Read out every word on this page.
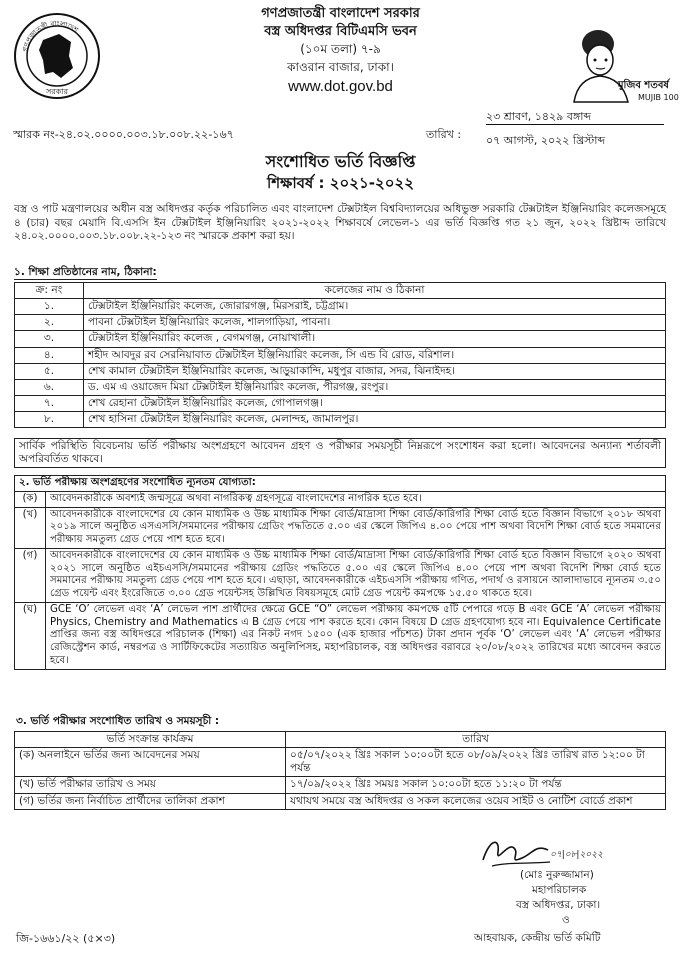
গণপ্রজাতন্ত্রী বাংলাদেশ
সরকার
গণপ্রজাতন্ত্রী বাংলাদেশ সরকার
বস্ত্র অধিদপ্তর বিটিএমসি ভবন
(১০ম তলা) ৭-৯
কাওরান বাজার, ঢাকা।
www.dot.gov.bd	মুজিব শতবর্ষ
MUJIB 100
স্মারক নং-২৪.০২.০০০০.০০৩.১৮.০০৮.২২-১৬৭	তারিখ :
২৩ শ্রাবণ, ১৪২৯ বঙ্গাব্দ
০৭ আগস্ট, ২০২২ খ্রিস্টাব্দ
সংশোধিত ভর্তি বিজ্ঞপ্তি
শিক্ষাবর্ষ : ২০২১-২০২২
বস্ত্র ও পাট মন্ত্রণালয়ের অধীন বস্ত্র অধিদপ্তর কর্তৃক পরিচালিত এবং বাংলাদেশ টেক্সটাইল বিশ্ববিদ্যালয়ের অধিভুক্ত সরকারি টেক্সটাইল ইঞ্জিনিয়ারিং কলেজসমূহে ৪ (চার) বছর মেয়াদি বি.এসসি ইন টেক্সটাইল ইঞ্জিনিয়ারিং ২০২১-২০২২ শিক্ষাবর্ষে লেভেল-১ এর ভর্তি বিজ্ঞপ্তি গত ২১ জুন, ২০২২ খ্রিষ্টাব্দ তারিখে ২৪.০২.০০০০.০০৩.১৮.০০৮.২২-১২৩ নং স্মারকে প্রকাশ করা হয়।
১. শিক্ষা প্রতিষ্ঠানের নাম, ঠিকানা:
ক্র: নং	কলেজের নাম ও ঠিকানা
১.	টেক্সটাইল ইঞ্জিনিয়ারিং কলেজ, জোরারগঞ্জ, মিরসরাই, চট্টগ্রাম।
২.	পাবনা টেক্সটাইল ইঞ্জিনিয়ারিং কলেজ, শালগাড়িয়া, পাবনা।
৩.	টেক্সটাইল ইঞ্জিনিয়ারিং কলেজ , বেগমগঞ্জ, নোয়াখালী।
৪.	শহীদ আবদুর রব সেরনিয়াবাত টেক্সটাইল ইঞ্জিনিয়ারিং কলেজ, সি এন্ড বি রোড, বরিশাল।
৫.	শেখ কামাল টেক্সটাইল ইঞ্জিনিয়ারিং কলেজ, আড়ুয়াকান্দি, মধুপুর বাজার, সদর, ঝিনাইদহ।
৬.	ড. এম এ ওয়াজেদ মিয়া টেক্সটাইল ইঞ্জিনিয়ারিং কলেজ, পীরগঞ্জ, রংপুর।
৭.	শেখ রেহানা টেক্সটাইল ইঞ্জিনিয়ারিং কলেজ, গোপালগঞ্জ।
৮.	শেখ হাসিনা টেক্সটাইল ইঞ্জিনিয়ারিং কলেজ, মেলান্দহ, জামালপুর।
সার্বিক পরিস্থিতি বিবেচনায় ভর্তি পরীক্ষায় অংশগ্রহণে আবেদন গ্রহণ ও পরীক্ষার সময়সূচী নিম্নরূপে সংশোধন করা হলো। আবেদনের অন্যান্য শর্তাবলী অপরিবর্তিত থাকবে।
২. ভর্তি পরীক্ষায় অংশগ্রহণের সংশোধিত ন্যূনতম যোগ্যতা:	
(ক)	আবেদনকারীকে অবশ্যই জন্মসূত্রে অথবা নাগরিকত্ব গ্রহণসূত্রে বাংলাদেশের নাগরিক হতে হবে।
(খ)	আবেদনকারীকে বাংলাদেশের যে কোন মাধ্যমিক ও উচ্চ মাধ্যমিক শিক্ষা বোর্ড/মাদ্রাসা শিক্ষা বোর্ড/কারিগরি শিক্ষা বোর্ড হতে বিজ্ঞান বিভাগে ২০১৮ অথবা ২০১৯ সালে অনুষ্ঠিত এসএসসি/সমমানের পরীক্ষায় গ্রেডিং পদ্ধতিতে ৫.০০ এর স্কেলে জিপিএ ৪.০০ পেয়ে পাশ অথবা বিদেশি শিক্ষা বোর্ড হতে সমমানের পরীক্ষায় সমতুল্য গ্রেড পেয়ে পাশ হতে হবে।
(গ)	আবেদনকারীকে বাংলাদেশের যে কোন মাধ্যমিক ও উচ্চ মাধ্যমিক শিক্ষা বোর্ড/মাদ্রাসা শিক্ষা বোর্ড/কারিগরি শিক্ষা বোর্ড হতে বিজ্ঞান বিভাগে ২০২০ অথবা ২০২১ সালে অনুষ্ঠিত এইচএসসি/সমমানের পরীক্ষায় গ্রেডিং পদ্ধতিতে ৫.০০ এর স্কেলে জিপিএ ৪.০০ পেয়ে পাশ অথবা বিদেশি শিক্ষা বোর্ড হতে সমমানের পরীক্ষায় সমতুল্য গ্রেড পেয়ে পাশ হতে হবে। এছাড়া, আবেদনকারীকে এইচএসসি পরীক্ষায় গণিত, পদার্থ ও রসায়নে আলাদাভাবে ন্যূনতম ৩.৫০ গ্রেড পয়েন্ট এবং ইংরেজিতে ৩.০০ গ্রেড পয়েন্টসহ উল্লিখিত বিষয়সমূহে মোট গ্রেড পয়েন্ট কমপক্ষে ১৫.৫০ থাকতে হবে।
(ঘ)	GCE ‘O’ লেভেল এবং ‘A’ লেভেল পাশ প্রার্থীদের ক্ষেত্রে GCE “O” লেভেল পরীক্ষায় কমপক্ষে ৫টি পেপারে গড়ে B এবং GCE ‘A’ লেভেল পরীক্ষায় Physics, Chemistry and Mathematics এ B গ্রেড পেয়ে পাশ করতে হবে। কোন বিষয়ে D গ্রেড গ্রহণযোগ্য হবে না। Equivalence Certificate প্রাপ্তির জন্য বস্ত্র অধিদপ্তরে পরিচালক (শিক্ষা) এর নিকট নগদ ১৫০০ (এক হাজার পাঁচশত) টাকা প্রদান পূর্বক ‘O’ লেভেল এবং ‘A’ লেভেল পরীক্ষার রেজিস্ট্রেশন কার্ড, নম্বরপত্র ও সার্টিফিকেটের সত্যায়িত অনুলিপিসহ, মহাপরিচালক, বস্ত্র অধিদপ্তর বরাবরে ২০/০৮/২০২২ তারিখের মধ্যে আবেদন করতে হবে।
৩. ভর্তি পরীক্ষার সংশোধিত তারিখ ও সময়সূচী :
ভর্তি সংক্রান্ত কার্যক্রম	তারিখ
(ক) অনলাইনে ভর্তির জন্য আবেদনের সময়	০৫/০৭/২০২২ খ্রিঃ সকাল ১০:০০টা হতে ০৮/০৯/২০২২ খ্রিঃ তারিখ রাত ১২:০০ টা পর্যন্ত
(খ) ভর্তি পরীক্ষার তারিখ ও সময়	১৭/০৯/২০২২ খ্রিঃ সময়ঃ সকাল ১০:০০টা হতে ১১:২০ টা পর্যন্ত
(গ) ভর্তির জন্য নির্বাচিত প্রার্থীদের তালিকা প্রকাশ	যথাযথ সময়ে বস্ত্র অধিদপ্তর ও সকল কলেজের ওয়েব সাইট ও নোটিশ বোর্ডে প্রকাশ
০৭|০৮|২০২২
(মোঃ নুরুজ্জামান)
মহাপরিচালক
বস্ত্র অধিদপ্তর, ঢাকা।
ও
আহবায়ক, কেন্দ্রীয় ভর্তি কমিটি
জি-১৬৬১/২২ (৫×৩)
